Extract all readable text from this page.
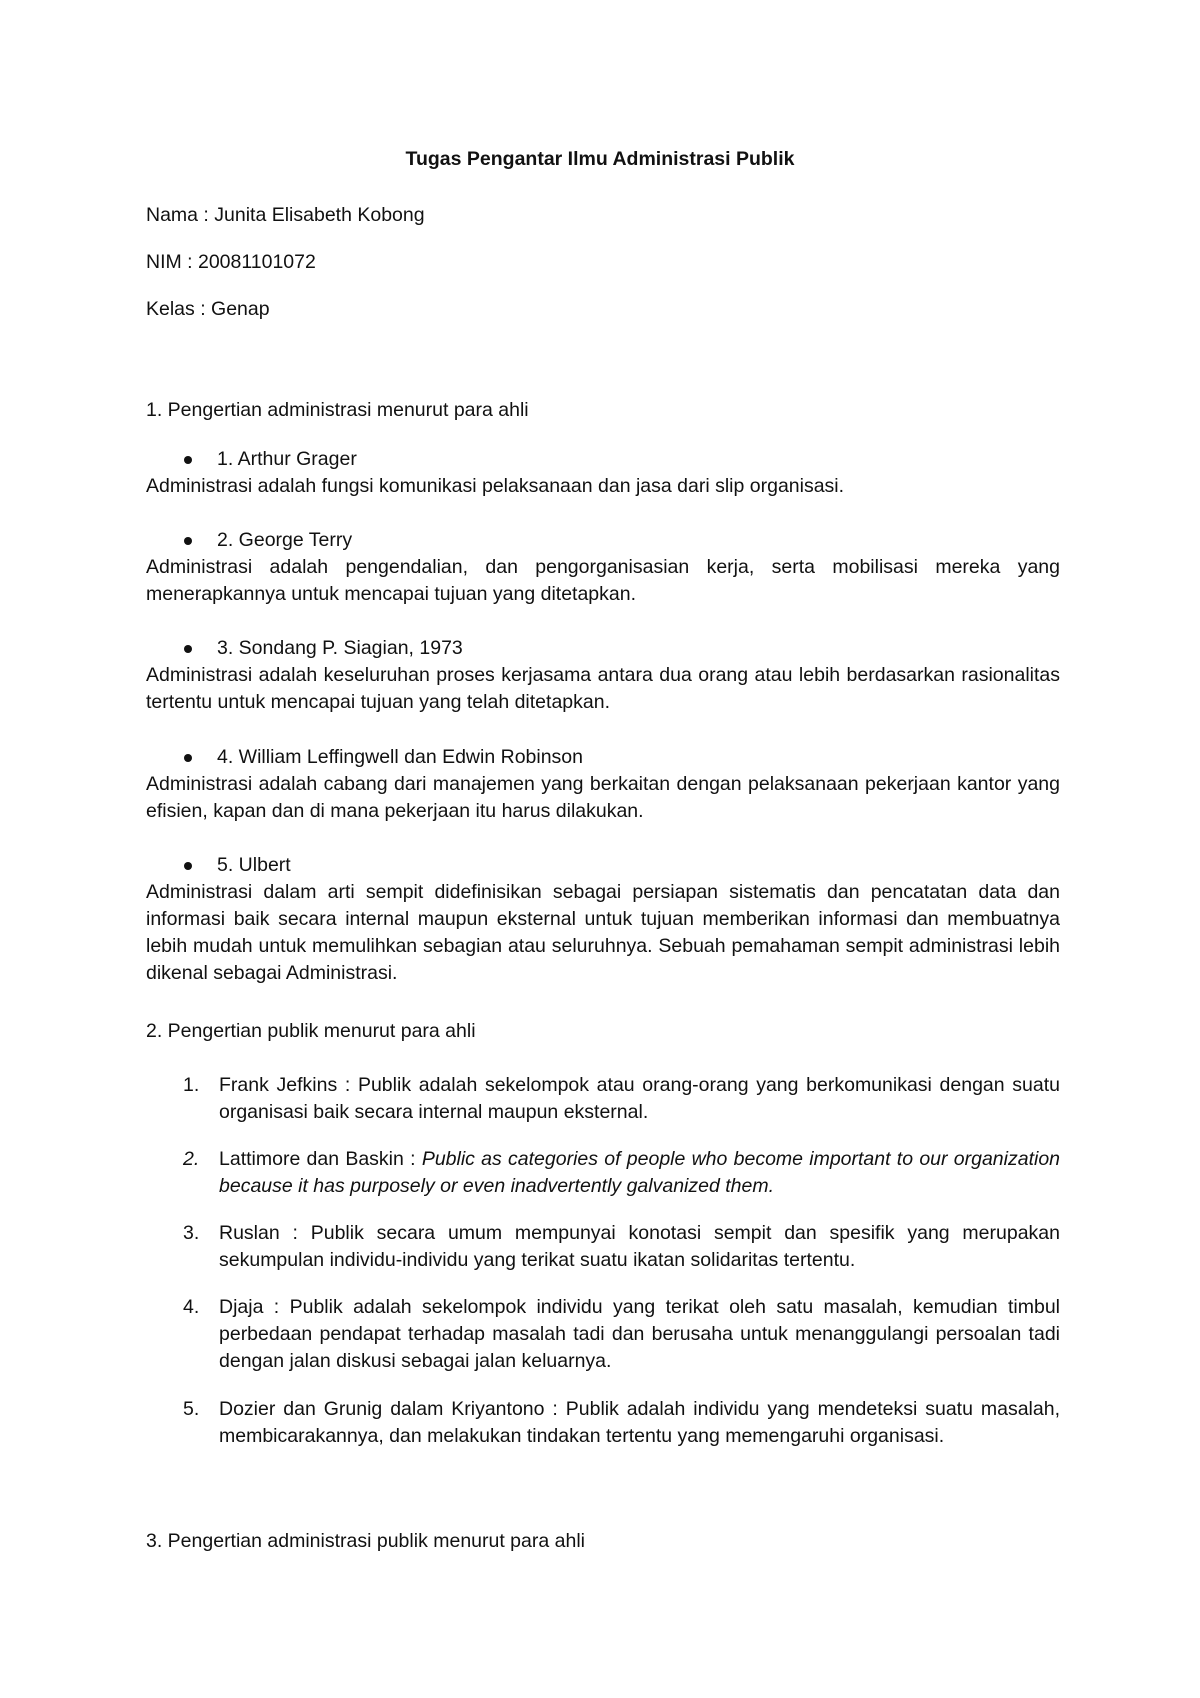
Tugas Pengantar Ilmu Administrasi Publik

Nama : Junita Elisabeth Kobong

NIM : 20081101072

Kelas : Genap

1. Pengertian administrasi menurut para ahli

1. Arthur Grager

Administrasi adalah fungsi komunikasi pelaksanaan dan jasa dari slip organisasi.

2. George Terry

Administrasi adalah pengendalian, dan pengorganisasian kerja, serta mobilisasi mereka yang menerapkannya untuk mencapai tujuan yang ditetapkan.

3. Sondang P. Siagian, 1973

Administrasi adalah keseluruhan proses kerjasama antara dua orang atau lebih berdasarkan rasionalitas tertentu untuk mencapai tujuan yang telah ditetapkan.

4. William Leffingwell dan Edwin Robinson

Administrasi adalah cabang dari manajemen yang berkaitan dengan pelaksanaan pekerjaan kantor yang efisien, kapan dan di mana pekerjaan itu harus dilakukan.

5. Ulbert

Administrasi dalam arti sempit didefinisikan sebagai persiapan sistematis dan pencatatan data dan informasi baik secara internal maupun eksternal untuk tujuan memberikan informasi dan membuatnya lebih mudah untuk memulihkan sebagian atau seluruhnya. Sebuah pemahaman sempit administrasi lebih dikenal sebagai Administrasi.

2. Pengertian publik menurut para ahli

1. Frank Jefkins : Publik adalah sekelompok atau orang-orang yang berkomunikasi dengan suatu organisasi baik secara internal maupun eksternal.

2. Lattimore dan Baskin : Public as categories of people who become important to our organization because it has purposely or even inadvertently galvanized them.

3. Ruslan : Publik secara umum mempunyai konotasi sempit dan spesifik yang merupakan sekumpulan individu-individu yang terikat suatu ikatan solidaritas tertentu.

4. Djaja : Publik adalah sekelompok individu yang terikat oleh satu masalah, kemudian timbul perbedaan pendapat terhadap masalah tadi dan berusaha untuk menanggulangi persoalan tadi dengan jalan diskusi sebagai jalan keluarnya.

5. Dozier dan Grunig dalam Kriyantono : Publik adalah individu yang mendeteksi suatu masalah, membicarakannya, dan melakukan tindakan tertentu yang memengaruhi organisasi.

3. Pengertian administrasi publik menurut para ahli
